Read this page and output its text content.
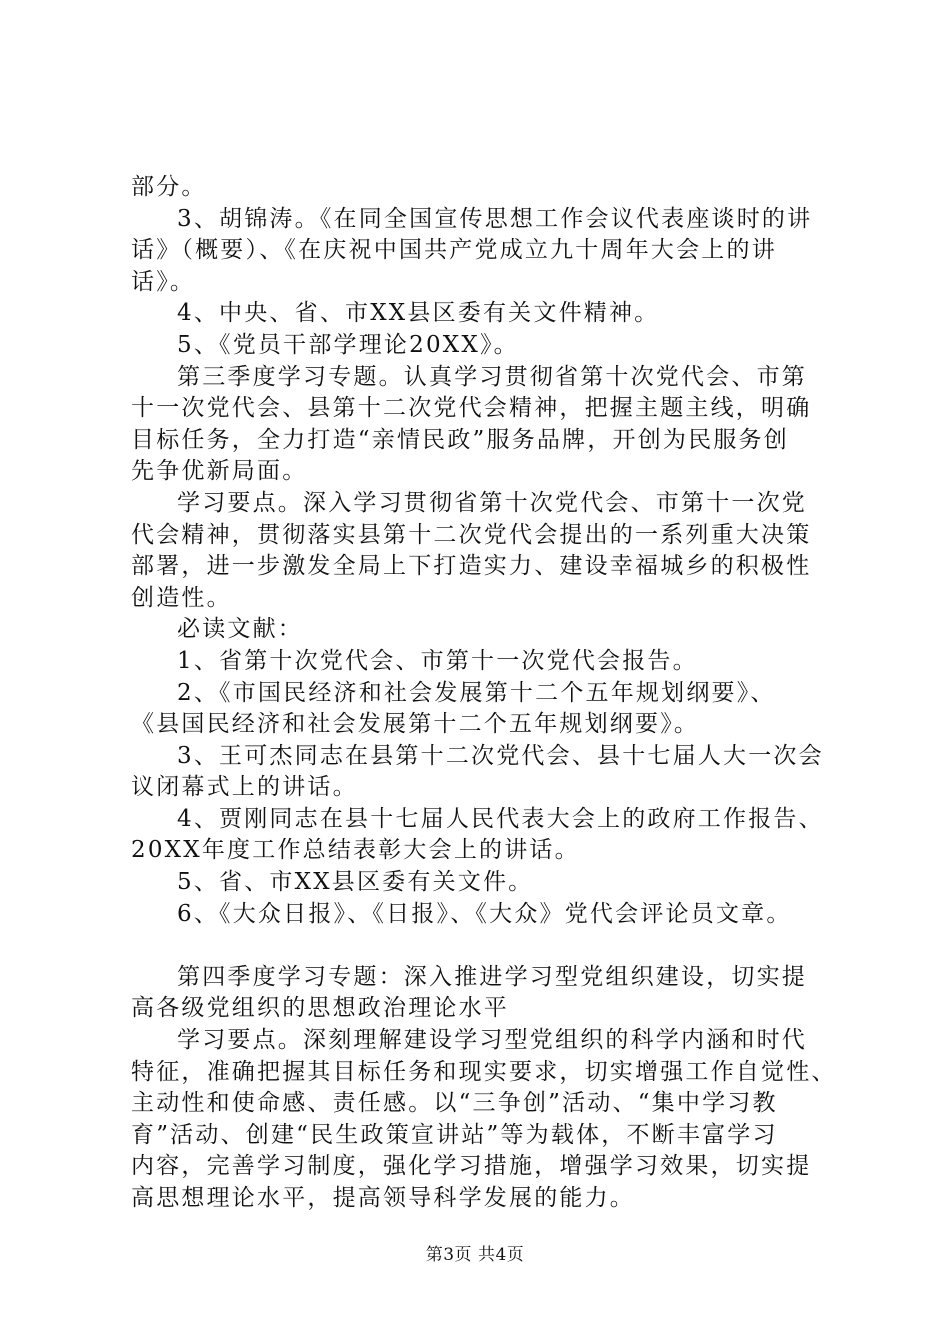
部分。
3、胡锦涛。《在同全国宣传思想工作会议代表座谈时的讲
话》（概要）、《在庆祝中国共产党成立九十周年大会上的讲
话》。
4、中央、省、市XX县区委有关文件精神。
5、《党员干部学理论20XX》。
第三季度学习专题。认真学习贯彻省第十次党代会、市第
十一次党代会、县第十二次党代会精神，把握主题主线，明确
目标任务，全力打造“亲情民政”服务品牌，开创为民服务创
先争优新局面。
学习要点。深入学习贯彻省第十次党代会、市第十一次党
代会精神，贯彻落实县第十二次党代会提出的一系列重大决策
部署，进一步激发全局上下打造实力、建设幸福城乡的积极性
创造性。
必读文献：
1、省第十次党代会、市第十一次党代会报告。
2、《市国民经济和社会发展第十二个五年规划纲要》、
《县国民经济和社会发展第十二个五年规划纲要》。
3、王可杰同志在县第十二次党代会、县十七届人大一次会
议闭幕式上的讲话。
4、贾刚同志在县十七届人民代表大会上的政府工作报告、
20XX年度工作总结表彰大会上的讲话。
5、省、市XX县区委有关文件。
6、《大众日报》、《日报》、《大众》党代会评论员文章。
第四季度学习专题：深入推进学习型党组织建设，切实提
高各级党组织的思想政治理论水平
学习要点。深刻理解建设学习型党组织的科学内涵和时代
特征，准确把握其目标任务和现实要求，切实增强工作自觉性、
主动性和使命感、责任感。以“三争创”活动、“集中学习教
育”活动、创建“民生政策宣讲站”等为载体，不断丰富学习
内容，完善学习制度，强化学习措施，增强学习效果，切实提
高思想理论水平，提高领导科学发展的能力。
第3页 共4页
